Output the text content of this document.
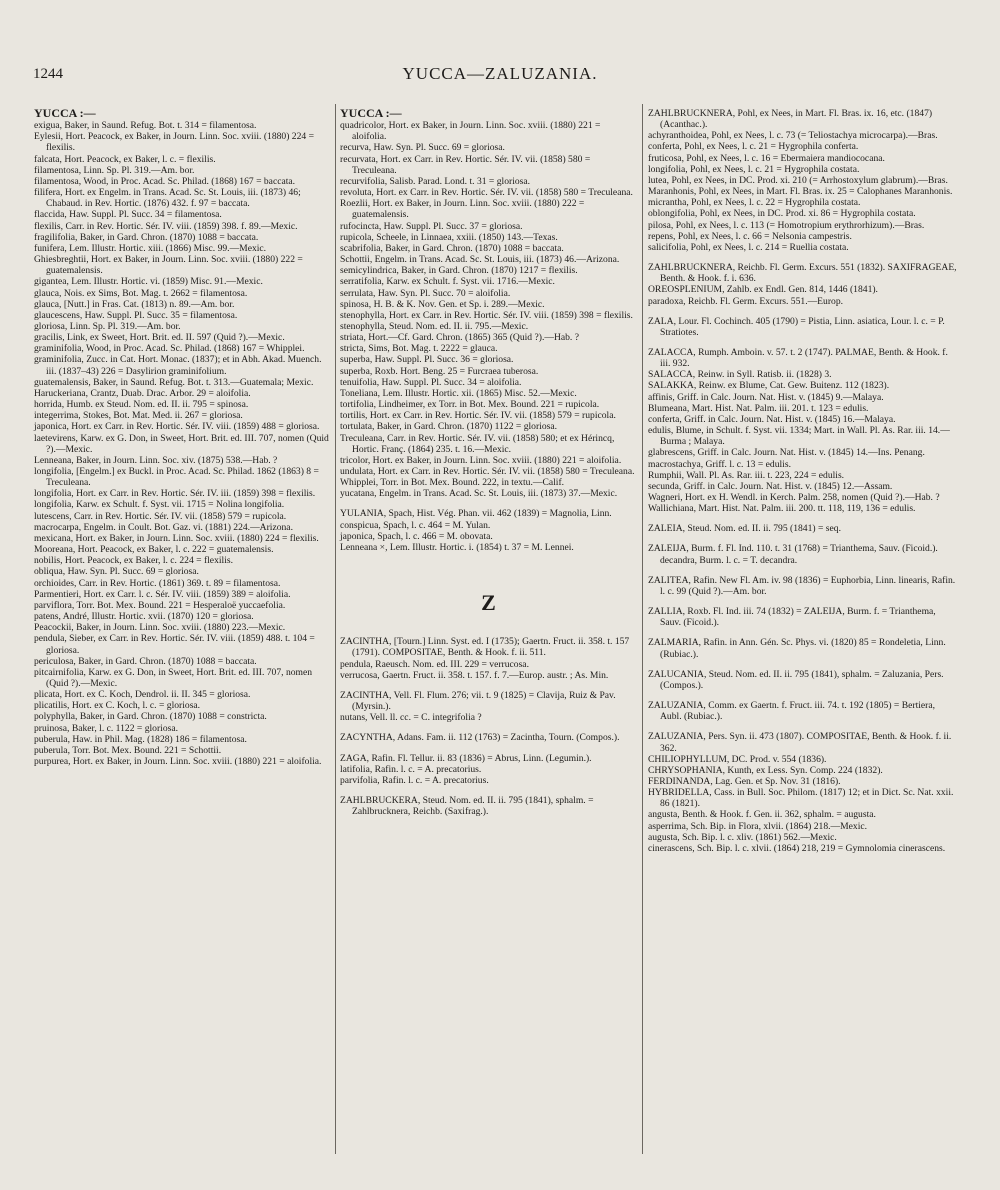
1244	YUCCA—ZALUZANIA.
YUCCA :—

exigua, Baker, in Saund. Refug. Bot. t. 314 = filamentosa.

Eylesii, Hort. Peacock, ex Baker, in Journ. Linn. Soc. xviii. (1880) 224 = flexilis.

falcata, Hort. Peacock, ex Baker, l. c. = flexilis.

filamentosa, Linn. Sp. Pl. 319.—Am. bor.

filamentosa, Wood, in Proc. Acad. Sc. Philad. (1868) 167 = baccata.

filifera, Hort. ex Engelm. in Trans. Acad. Sc. St. Louis, iii. (1873) 46; Chabaud. in Rev. Hortic. (1876) 432. f. 97 = baccata.

flaccida, Haw. Suppl. Pl. Succ. 34 = filamentosa.

flexilis, Carr. in Rev. Hortic. Sér. IV. viii. (1859) 398. f. 89.—Mexic.

fragilifolia, Baker, in Gard. Chron. (1870) 1088 = baccata.

funifera, Lem. Illustr. Hortic. xiii. (1866) Misc. 99.—Mexic.

Ghiesbreghtii, Hort. ex Baker, in Journ. Linn. Soc. xviii. (1880) 222 = guatemalensis.

gigantea, Lem. Illustr. Hortic. vi. (1859) Misc. 91.—Mexic.

glauca, Nois. ex Sims, Bot. Mag. t. 2662 = filamentosa.

glauca, [Nutt.] in Fras. Cat. (1813) n. 89.—Am. bor.

glaucescens, Haw. Suppl. Pl. Succ. 35 = filamentosa.

gloriosa, Linn. Sp. Pl. 319.—Am. bor.

gracilis, Link, ex Sweet, Hort. Brit. ed. II. 597 (Quid ?).—Mexic.

graminifolia, Wood, in Proc. Acad. Sc. Philad. (1868) 167 = Whipplei.

graminifolia, Zucc. in Cat. Hort. Monac. (1837); et in Abh. Akad. Muench. iii. (1837–43) 226 = Dasylirion graminifolium.

guatemalensis, Baker, in Saund. Refug. Bot. t. 313.—Guatemala; Mexic.

Haruckeriana, Crantz, Duab. Drac. Arbor. 29 = aloifolia.

horrida, Humb. ex Steud. Nom. ed. II. ii. 795 = spinosa.

integerrima, Stokes, Bot. Mat. Med. ii. 267 = gloriosa.

japonica, Hort. ex Carr. in Rev. Hortic. Sér. IV. viii. (1859) 488 = gloriosa.

laetevirens, Karw. ex G. Don, in Sweet, Hort. Brit. ed. III. 707, nomen (Quid ?).—Mexic.

Lenneana, Baker, in Journ. Linn. Soc. xiv. (1875) 538.—Hab. ?

longifolia, [Engelm.] ex Buckl. in Proc. Acad. Sc. Philad. 1862 (1863) 8 = Treculeana.

longifolia, Hort. ex Carr. in Rev. Hortic. Sér. IV. iii. (1859) 398 = flexilis.

longifolia, Karw. ex Schult. f. Syst. vii. 1715 = Nolina longifolia.

lutescens, Carr. in Rev. Hortic. Sér. IV. vii. (1858) 579 = rupicola.

macrocarpa, Engelm. in Coult. Bot. Gaz. vi. (1881) 224.—Arizona.

mexicana, Hort. ex Baker, in Journ. Linn. Soc. xviii. (1880) 224 = flexilis.

Mooreana, Hort. Peacock, ex Baker, l. c. 222 = guatemalensis.

nobilis, Hort. Peacock, ex Baker, l. c. 224 = flexilis.

obliqua, Haw. Syn. Pl. Succ. 69 = gloriosa.

orchioides, Carr. in Rev. Hortic. (1861) 369. t. 89 = filamentosa.

Parmentieri, Hort. ex Carr. l. c. Sér. IV. viii. (1859) 389 = aloifolia.

parviflora, Torr. Bot. Mex. Bound. 221 = Hesperaloë yuccaefolia.

patens, André, Illustr. Hortic. xvii. (1870) 120 = gloriosa.

Peacockii, Baker, in Journ. Linn. Soc. xviii. (1880) 223.—Mexic.

pendula, Sieber, ex Carr. in Rev. Hortic. Sér. IV. viii. (1859) 488. t. 104 = gloriosa.

periculosa, Baker, in Gard. Chron. (1870) 1088 = baccata.

pitcairnifolia, Karw. ex G. Don, in Sweet, Hort. Brit. ed. III. 707, nomen (Quid ?).—Mexic.

plicata, Hort. ex C. Koch, Dendrol. ii. II. 345 = gloriosa.

plicatilis, Hort. ex C. Koch, l. c. = gloriosa.

polyphylla, Baker, in Gard. Chron. (1870) 1088 = constricta.

pruinosa, Baker, l. c. 1122 = gloriosa.

puberula, Haw. in Phil. Mag. (1828) 186 = filamentosa.

puberula, Torr. Bot. Mex. Bound. 221 = Schottii.

purpurea, Hort. ex Baker, in Journ. Linn. Soc. xviii. (1880) 221 = aloifolia.

YUCCA :—

quadricolor, Hort. ex Baker, in Journ. Linn. Soc. xviii. (1880) 221 = aloifolia.

recurva, Haw. Syn. Pl. Succ. 69 = gloriosa.

recurvata, Hort. ex Carr. in Rev. Hortic. Sér. IV. vii. (1858) 580 = Treculeana.

recurvifolia, Salisb. Parad. Lond. t. 31 = gloriosa.

revoluta, Hort. ex Carr. in Rev. Hortic. Sér. IV. vii. (1858) 580 = Treculeana.

Roezlii, Hort. ex Baker, in Journ. Linn. Soc. xviii. (1880) 222 = guatemalensis.

rufocincta, Haw. Suppl. Pl. Succ. 37 = gloriosa.

rupicola, Scheele, in Linnaea, xxiii. (1850) 143.—Texas.

scabrifolia, Baker, in Gard. Chron. (1870) 1088 = baccata.

Schottii, Engelm. in Trans. Acad. Sc. St. Louis, iii. (1873) 46.—Arizona.

semicylindrica, Baker, in Gard. Chron. (1870) 1217 = flexilis.

serratifolia, Karw. ex Schult. f. Syst. vii. 1716.—Mexic.

serrulata, Haw. Syn. Pl. Succ. 70 = aloifolia.

spinosa, H. B. & K. Nov. Gen. et Sp. i. 289.—Mexic.

stenophylla, Hort. ex Carr. in Rev. Hortic. Sér. IV. viii. (1859) 398 = flexilis.

stenophylla, Steud. Nom. ed. II. ii. 795.—Mexic.

striata, Hort.—Cf. Gard. Chron. (1865) 365 (Quid ?).—Hab. ?

stricta, Sims, Bot. Mag. t. 2222 = glauca.

superba, Haw. Suppl. Pl. Succ. 36 = gloriosa.

superba, Roxb. Hort. Beng. 25 = Furcraea tuberosa.

tenuifolia, Haw. Suppl. Pl. Succ. 34 = aloifolia.

Toneliana, Lem. Illustr. Hortic. xii. (1865) Misc. 52.—Mexic.

tortifolia, Lindheimer, ex Torr. in Bot. Mex. Bound. 221 = rupicola.

tortilis, Hort. ex Carr. in Rev. Hortic. Sér. IV. vii. (1858) 579 = rupicola.

tortulata, Baker, in Gard. Chron. (1870) 1122 = gloriosa.

Treculeana, Carr. in Rev. Hortic. Sér. IV. vii. (1858) 580; et ex Hérincq, Hortic. Franç. (1864) 235. t. 16.—Mexic.

tricolor, Hort. ex Baker, in Journ. Linn. Soc. xviii. (1880) 221 = aloifolia.

undulata, Hort. ex Carr. in Rev. Hortic. Sér. IV. vii. (1858) 580 = Treculeana.

Whipplei, Torr. in Bot. Mex. Bound. 222, in textu.—Calif.

yucatana, Engelm. in Trans. Acad. Sc. St. Louis, iii. (1873) 37.—Mexic.

YULANIA, Spach, Hist. Vég. Phan. vii. 462 (1839) = Magnolia, Linn.

conspicua, Spach, l. c. 464 = M. Yulan.

japonica, Spach, l. c. 466 = M. obovata.

Lenneana ×, Lem. Illustr. Hortic. i. (1854) t. 37 = M. Lennei.

Z

ZACINTHA, [Tourn.] Linn. Syst. ed. I (1735); Gaertn. Fruct. ii. 358. t. 157 (1791). COMPOSITAE, Benth. & Hook. f. ii. 511.

pendula, Raeusch. Nom. ed. III. 229 = verrucosa.

verrucosa, Gaertn. Fruct. ii. 358. t. 157. f. 7.—Europ. austr. ; As. Min.

ZACINTHA, Vell. Fl. Flum. 276; vii. t. 9 (1825) = Clavija, Ruiz & Pav. (Myrsin.).

nutans, Vell. ll. cc. = C. integrifolia ?

ZACYNTHA, Adans. Fam. ii. 112 (1763) = Zacintha, Tourn. (Compos.).

ZAGA, Rafin. Fl. Tellur. ii. 83 (1836) = Abrus, Linn. (Legumin.).

latifolia, Rafin. l. c. = A. precatorius.

parvifolia, Rafin. l. c. = A. precatorius.

ZAHLBRUCKERA, Steud. Nom. ed. II. ii. 795 (1841), sphalm. = Zahlbrucknera, Reichb. (Saxifrag.).

ZAHLBRUCKNERA, Pohl, ex Nees, in Mart. Fl. Bras. ix. 16, etc. (1847) (Acanthac.).

achyranthoidea, Pohl, ex Nees, l. c. 73 (= Teliostachya microcarpa).—Bras.

conferta, Pohl, ex Nees, l. c. 21 = Hygrophila conferta.

fruticosa, Pohl, ex Nees, l. c. 16 = Ebermaiera mandiococana.

longifolia, Pohl, ex Nees, l. c. 21 = Hygrophila costata.

lutea, Pohl, ex Nees, in DC. Prod. xi. 210 (= Arrhostoxylum glabrum).—Bras.

Maranhonis, Pohl, ex Nees, in Mart. Fl. Bras. ix. 25 = Calophanes Maranhonis.

micrantha, Pohl, ex Nees, l. c. 22 = Hygrophila costata.

oblongifolia, Pohl, ex Nees, in DC. Prod. xi. 86 = Hygrophila costata.

pilosa, Pohl, ex Nees, l. c. 113 (= Homotropium erythrorhizum).—Bras.

repens, Pohl, ex Nees, l. c. 66 = Nelsonia campestris.

salicifolia, Pohl, ex Nees, l. c. 214 = Ruellia costata.

ZAHLBRUCKNERA, Reichb. Fl. Germ. Excurs. 551 (1832). SAXIFRAGEAE, Benth. & Hook. f. i. 636.

OREOSPLENIUM, Zahlb. ex Endl. Gen. 814, 1446 (1841).

paradoxa, Reichb. Fl. Germ. Excurs. 551.—Europ.

ZALA, Lour. Fl. Cochinch. 405 (1790) = Pistia, Linn. asiatica, Lour. l. c. = P. Stratiotes.

ZALACCA, Rumph. Amboin. v. 57. t. 2 (1747). PALMAE, Benth. & Hook. f. iii. 932.

SALACCA, Reinw. in Syll. Ratisb. ii. (1828) 3.

SALAKKA, Reinw. ex Blume, Cat. Gew. Buitenz. 112 (1823).

affinis, Griff. in Calc. Journ. Nat. Hist. v. (1845) 9.—Malaya.

Blumeana, Mart. Hist. Nat. Palm. iii. 201. t. 123 = edulis.

conferta, Griff. in Calc. Journ. Nat. Hist. v. (1845) 16.—Malaya.

edulis, Blume, in Schult. f. Syst. vii. 1334; Mart. in Wall. Pl. As. Rar. iii. 14.—Burma ; Malaya.

glabrescens, Griff. in Calc. Journ. Nat. Hist. v. (1845) 14.—Ins. Penang.

macrostachya, Griff. l. c. 13 = edulis.

Rumphii, Wall. Pl. As. Rar. iii. t. 223, 224 = edulis.

secunda, Griff. in Calc. Journ. Nat. Hist. v. (1845) 12.—Assam.

Wagneri, Hort. ex H. Wendl. in Kerch. Palm. 258, nomen (Quid ?).—Hab. ?

Wallichiana, Mart. Hist. Nat. Palm. iii. 200. tt. 118, 119, 136 = edulis.

ZALEIA, Steud. Nom. ed. II. ii. 795 (1841) = seq.

ZALEIJA, Burm. f. Fl. Ind. 110. t. 31 (1768) = Trianthema, Sauv. (Ficoid.). decandra, Burm. l. c. = T. decandra.

ZALITEA, Rafin. New Fl. Am. iv. 98 (1836) = Euphorbia, Linn. linearis, Rafin. l. c. 99 (Quid ?).—Am. bor.

ZALLIA, Roxb. Fl. Ind. iii. 74 (1832) = ZALEIJA, Burm. f. = Trianthema, Sauv. (Ficoid.).

ZALMARIA, Rafin. in Ann. Gén. Sc. Phys. vi. (1820) 85 = Rondeletia, Linn. (Rubiac.).

ZALUCANIA, Steud. Nom. ed. II. ii. 795 (1841), sphalm. = Zaluzania, Pers. (Compos.).

ZALUZANIA, Comm. ex Gaertn. f. Fruct. iii. 74. t. 192 (1805) = Bertiera, Aubl. (Rubiac.).

ZALUZANIA, Pers. Syn. ii. 473 (1807). COMPOSITAE, Benth. & Hook. f. ii. 362.

CHILIOPHYLLUM, DC. Prod. v. 554 (1836).

CHRYSOPHANIA, Kunth, ex Less. Syn. Comp. 224 (1832).

FERDINANDA, Lag. Gen. et Sp. Nov. 31 (1816).

HYBRIDELLA, Cass. in Bull. Soc. Philom. (1817) 12; et in Dict. Sc. Nat. xxii. 86 (1821).

angusta, Benth. & Hook. f. Gen. ii. 362, sphalm. = augusta.

asperrima, Sch. Bip. in Flora, xlvii. (1864) 218.—Mexic.

augusta, Sch. Bip. l. c. xliv. (1861) 562.—Mexic.

cinerascens, Sch. Bip. l. c. xlvii. (1864) 218, 219 = Gymnolomia cinerascens.
